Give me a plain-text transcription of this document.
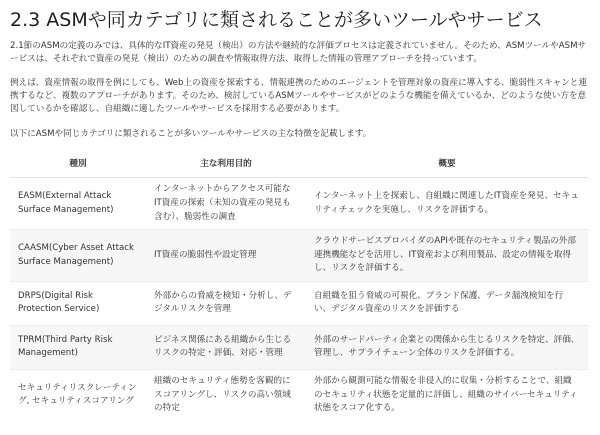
2.3 ASMや同カテゴリに類されることが多いツールやサービス

2.1節のASMの定義のみでは、具体的なIT資産の発見（検出）の方法や継続的な評価プロセスは定義されていません。そのため、ASMツールやASMサービスは、それぞれで資産の発見（検出）のための調査や情報取得方法、取得した情報の管理アプローチを持っています。

例えば、資産情報の取得を例にしても、Web上の資産を探索する、情報連携のためのエージェントを管理対象の資産に導入する、脆弱性スキャンと連携するなど、複数のアプローチがあります。そのため、検討しているASMツールやサービスがどのような機能を備えているか、どのような使い方を意図しているかを確認し、自組織に適したツールやサービスを採用する必要があります。

以下にASMや同じカテゴリに類されることが多いツールやサービスの主な特徴を記載します。

種別	主な利用目的	概要
EASM(External Attack Surface Management)	インターネットからアクセス可能なIT資産の探索（未知の資産の発見も含む）、脆弱性の調査	インターネット上を探索し、自組織に関連したIT資産を発見、セキュリティチェックを実施し、リスクを評価する。
CAASM(Cyber Asset Attack Surface Management)	IT資産の脆弱性や設定管理	クラウドサービスプロバイダのAPIや既存のセキュリティ製品の外部連携機能などを活用し、IT資産および利用製品、設定の情報を取得し、リスクを評価する。
DRPS(Digital Risk Protection Service)	外部からの脅威を検知・分析し、デジタルリスクを管理	自組織を狙う脅威の可視化、ブランド保護、データ漏洩検知を行い、デジタル資産のリスクを評価する
TPRM(Third Party Risk Management)	ビジネス関係にある組織から生じるリスクの特定・評価、対応・管理	外部のサードパーティ企業との関係から生じるリスクを特定、評価、管理し、サプライチェーン全体のリスクを評価する。
セキュリティリスクレーティング, セキュリティスコアリング	組織のセキュリティ態勢を客観的にスコアリングし、リスクの高い領域の特定	外部から観測可能な情報を非侵入的に収集・分析することで、組織のセキュリティ状態を定量的に評価し、組織のサイバーセキュリティ状態をスコア化する。
